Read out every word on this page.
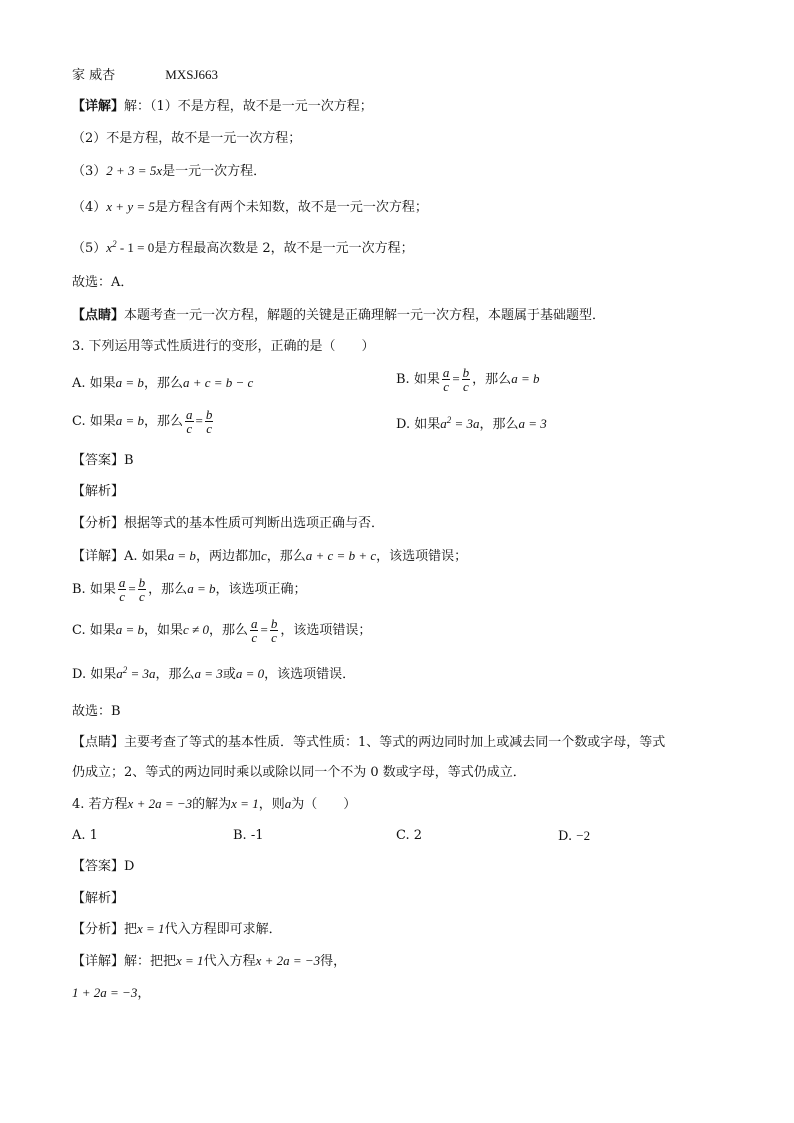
家 威杏	MXSJ663
【详解】解：（1）不是方程，故不是一元一次方程；
（2）不是方程，故不是一元一次方程；
（3）2 + 3 = 5x是一元一次方程．
（4）x + y = 5是方程含有两个未知数，故不是一元一次方程；
$(5)x^2 - 1 = 0$是方程最高次数是 2，故不是一元一次方程；
故选：A．
【点睛】本题考查一元一次方程，解题的关键是正确理解一元一次方程，本题属于基础题型．
3. 下列运用等式性质进行的变形，正确的是（　　）
A. 如果a = b，那么a + c = b − c	B. 如果 $\frac{a}{c} = \frac{b}{c}$ ，那么a = b
C. 如果a = b，那么 $\frac{a}{c} = \frac{b}{c}$	D. 如果$a^2 = 3a$，那么a = 3
【答案】B
【解析】
【分析】根据等式的基本性质可判断出选项正确与否．
【详解】A. 如果a = b，两边都加c，那么a + c = b + c，该选项错误；
B. 如果 $\frac{a}{c} = \frac{b}{c}$ ，那么a = b，该选项正确；
C. 如果a = b，如果c ≠ 0，那么 $\frac{a}{c} = \frac{b}{c}$ ，该选项错误；
D. 如果$a^2 = 3a$，那么a = 3或a = 0，该选项错误．
故选：B
【点睛】主要考查了等式的基本性质．等式性质：1、等式的两边同时加上或减去同一个数或字母，等式
仍成立；2、等式的两边同时乘以或除以同一个不为 0 数或字母，等式仍成立．
4. 若方程x + 2a = −3的解为x = 1，则a为（　　）
A. 1	B. -1	C. 2	D. −2
【答案】D
【解析】
【分析】把x = 1代入方程即可求解．
【详解】解：把把x = 1代入方程x + 2a = −3得，
1 + 2a = −3，
